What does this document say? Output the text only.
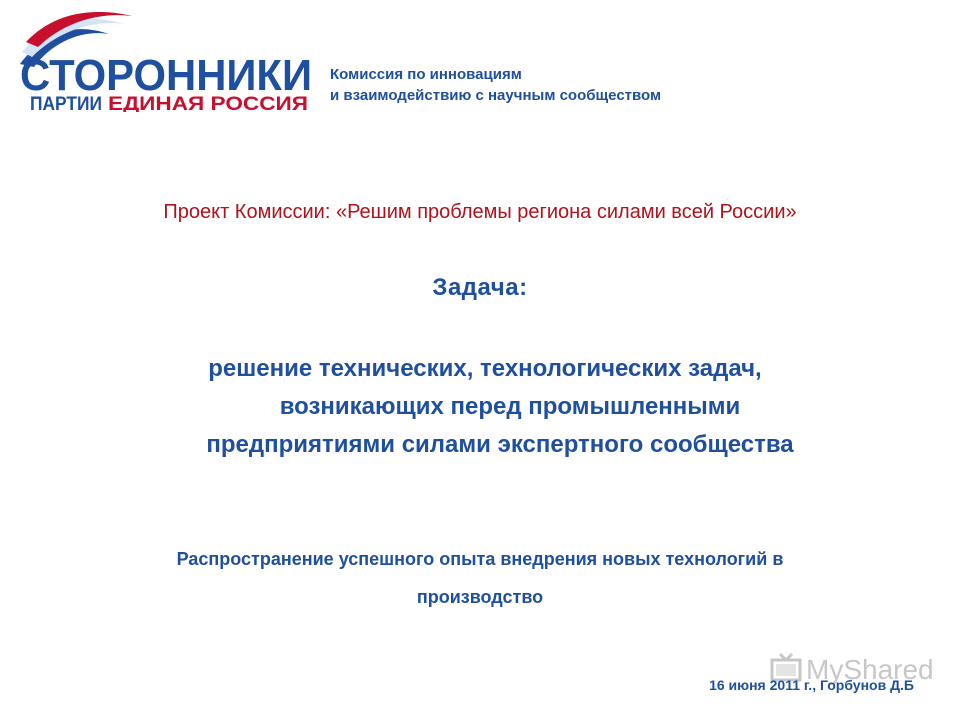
СТОРОННИКИ
ПАРТИИ ЕДИНАЯ РОССИЯ
Комиссия по инновациям
и взаимодействию с научным сообществом
Проект Комиссии: «Решим проблемы региона силами всей России»
Задача:
решение технических, технологических задач,
возникающих перед промышленными
предприятиями силами экспертного сообщества
Распространение успешного опыта внедрения новых технологий в
производство
MyShared
16 июня 2011 г., Горбунов Д.Б
